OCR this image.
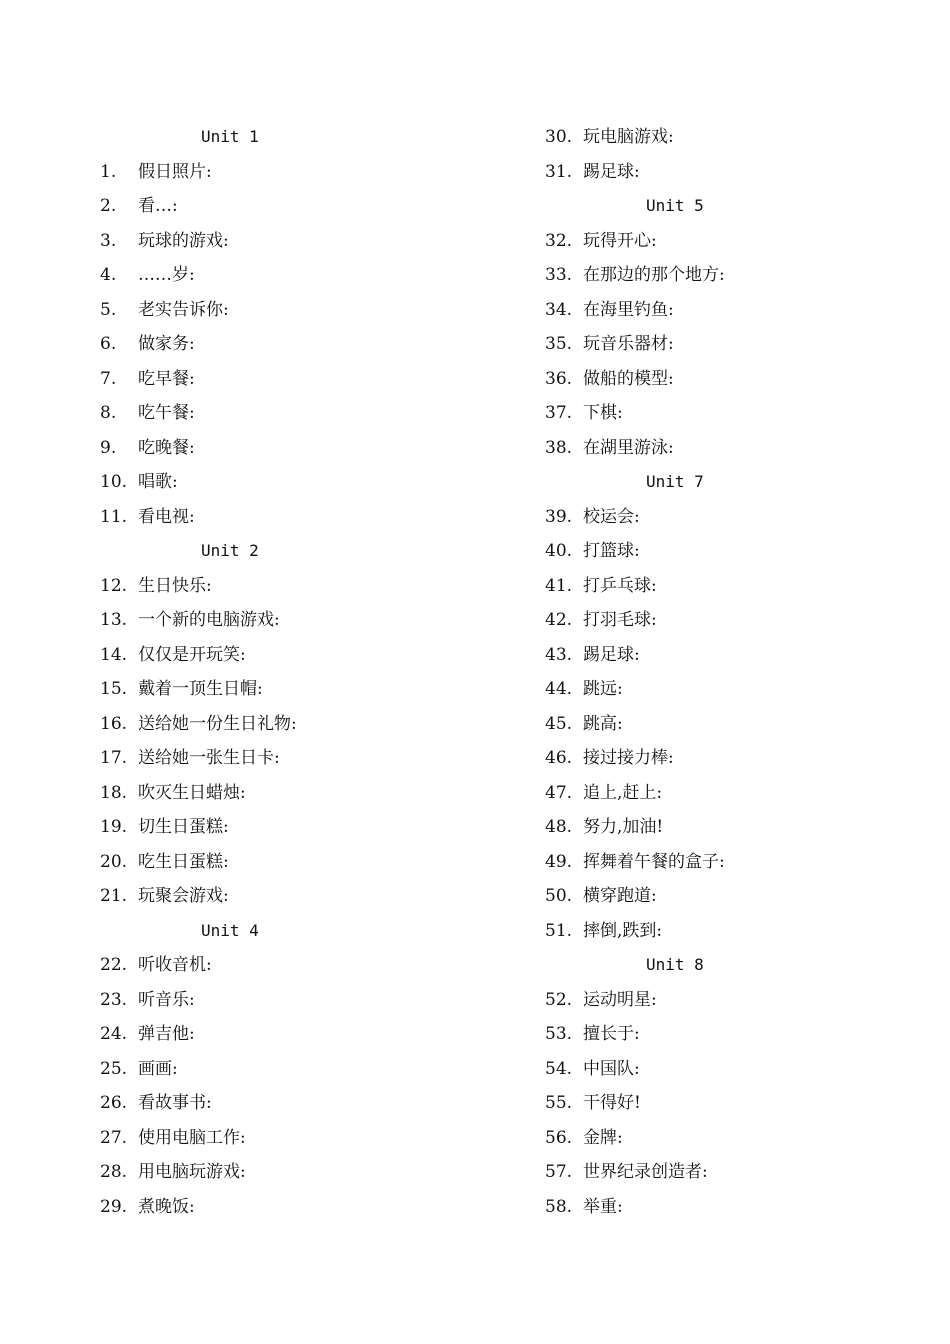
Unit 1
1. 假日照片:
2. 看…:
3. 玩球的游戏:
4. ……岁:
5. 老实告诉你:
6. 做家务:
7. 吃早餐:
8. 吃午餐:
9. 吃晚餐:
10. 唱歌:
11. 看电视:
Unit 2
12. 生日快乐:
13. 一个新的电脑游戏:
14. 仅仅是开玩笑:
15. 戴着一顶生日帽:
16. 送给她一份生日礼物:
17. 送给她一张生日卡:
18. 吹灭生日蜡烛:
19. 切生日蛋糕:
20. 吃生日蛋糕:
21. 玩聚会游戏:
Unit 4
22. 听收音机:
23. 听音乐:
24. 弹吉他:
25. 画画:
26. 看故事书:
27. 使用电脑工作:
28. 用电脑玩游戏:
29. 煮晚饭:
30. 玩电脑游戏:
31. 踢足球:
Unit 5
32. 玩得开心:
33. 在那边的那个地方:
34. 在海里钓鱼:
35. 玩音乐器材:
36. 做船的模型:
37. 下棋:
38. 在湖里游泳:
Unit 7
39. 校运会:
40. 打篮球:
41. 打乒乓球:
42. 打羽毛球:
43. 踢足球:
44. 跳远:
45. 跳高:
46. 接过接力棒:
47. 追上,赶上:
48. 努力,加油!
49. 挥舞着午餐的盒子:
50. 横穿跑道:
51. 摔倒,跌到:
Unit 8
52. 运动明星:
53. 擅长于:
54. 中国队:
55. 干得好!
56. 金牌:
57. 世界纪录创造者:
58. 举重:
